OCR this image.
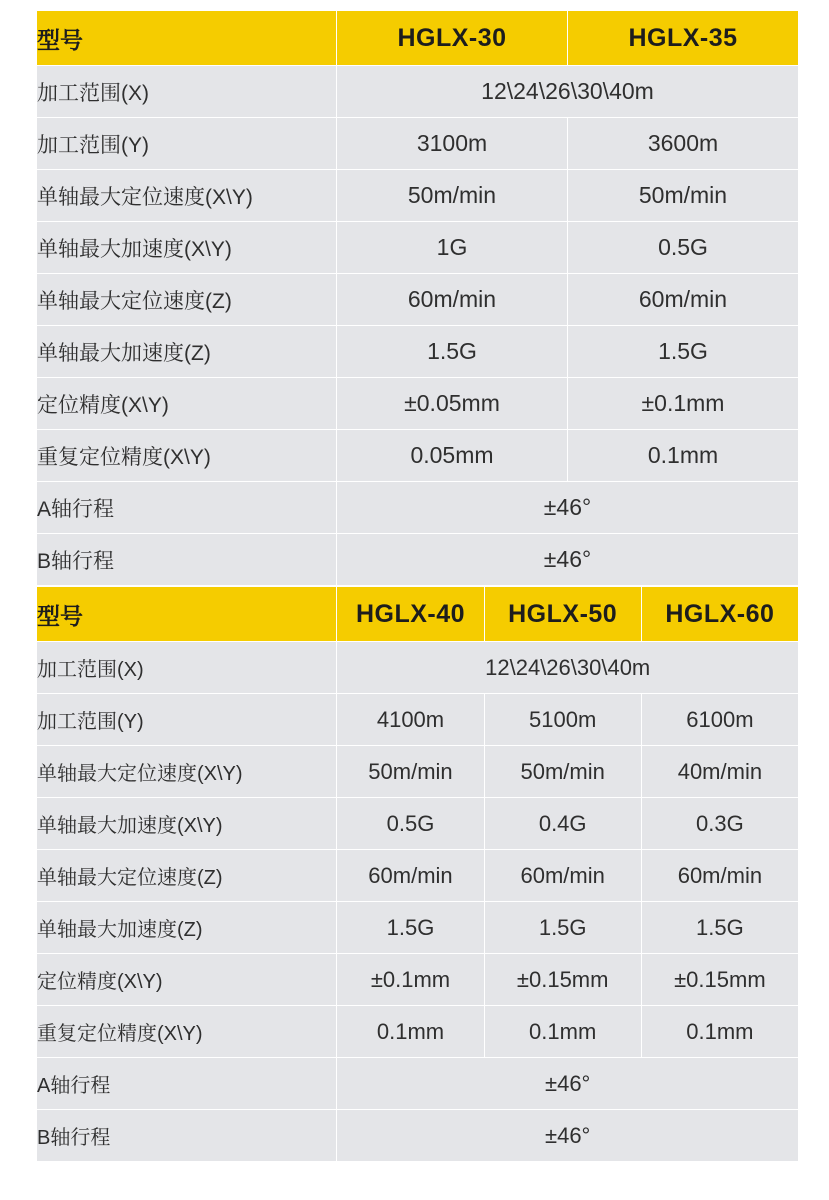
型号	HGLX-30	HGLX-35
加工范围(X)	12\24\26\30\40m	
加工范围(Y)	3100m	3600m
单轴最大定位速度(X\Y)	50m/min	50m/min
单轴最大加速度(X\Y)	1G	0.5G
单轴最大定位速度(Z)	60m/min	60m/min
单轴最大加速度(Z)	1.5G	1.5G
定位精度(X\Y)	±0.05mm	±0.1mm
重复定位精度(X\Y)	0.05mm	0.1mm
A轴行程	±46°	
B轴行程	±46°	
型号	HGLX-40	HGLX-50	HGLX-60
加工范围(X)	12\24\26\30\40m		
加工范围(Y)	4100m	5100m	6100m
单轴最大定位速度(X\Y)	50m/min	50m/min	40m/min
单轴最大加速度(X\Y)	0.5G	0.4G	0.3G
单轴最大定位速度(Z)	60m/min	60m/min	60m/min
单轴最大加速度(Z)	1.5G	1.5G	1.5G
定位精度(X\Y)	±0.1mm	±0.15mm	±0.15mm
重复定位精度(X\Y)	0.1mm	0.1mm	0.1mm
A轴行程	±46°		
B轴行程	±46°		
